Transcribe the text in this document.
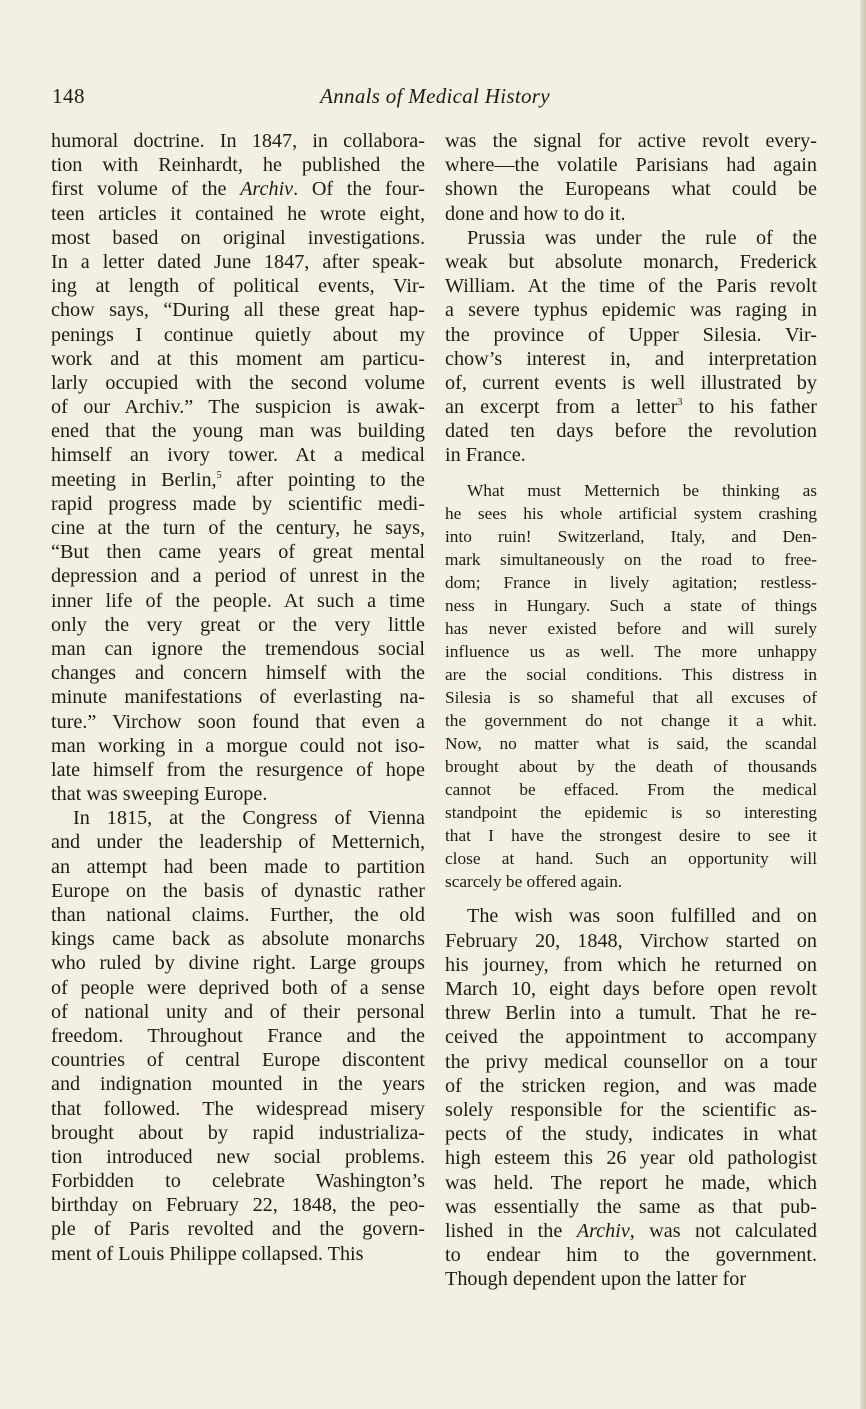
148	Annals of Medical History
humoral doctrine. In 1847, in collabora-
tion with Reinhardt, he published the
first volume of the Archiv. Of the four-
teen articles it contained he wrote eight,
most based on original investigations.
In a letter dated June 1847, after speak-
ing at length of political events, Vir-
chow says, “During all these great hap-
penings I continue quietly about my
work and at this moment am particu-
larly occupied with the second volume
of our Archiv.” The suspicion is awak-
ened that the young man was building
himself an ivory tower. At a medical
meeting in Berlin,$^5$ after pointing to the
rapid progress made by scientific medi-
cine at the turn of the century, he says,
“But then came years of great mental
depression and a period of unrest in the
inner life of the people. At such a time
only the very great or the very little
man can ignore the tremendous social
changes and concern himself with the
minute manifestations of everlasting na-
ture.” Virchow soon found that even a
man working in a morgue could not iso-
late himself from the resurgence of hope
that was sweeping Europe.
In 1815, at the Congress of Vienna
and under the leadership of Metternich,
an attempt had been made to partition
Europe on the basis of dynastic rather
than national claims. Further, the old
kings came back as absolute monarchs
who ruled by divine right. Large groups
of people were deprived both of a sense
of national unity and of their personal
freedom. Throughout France and the
countries of central Europe discontent
and indignation mounted in the years
that followed. The widespread misery
brought about by rapid industrializa-
tion introduced new social problems.
Forbidden to celebrate Washington’s
birthday on February 22, 1848, the peo-
ple of Paris revolted and the govern-
ment of Louis Philippe collapsed. This
was the signal for active revolt every-
where—the volatile Parisians had again
shown the Europeans what could be
done and how to do it.
Prussia was under the rule of the
weak but absolute monarch, Frederick
William. At the time of the Paris revolt
a severe typhus epidemic was raging in
the province of Upper Silesia. Vir-
chow’s interest in, and interpretation
of, current events is well illustrated by
an excerpt from a letter$^3$ to his father
dated ten days before the revolution
in France.
What must Metternich be thinking as
he sees his whole artificial system crashing
into ruin! Switzerland, Italy, and Den-
mark simultaneously on the road to free-
dom; France in lively agitation; restless-
ness in Hungary. Such a state of things
has never existed before and will surely
influence us as well. The more unhappy
are the social conditions. This distress in
Silesia is so shameful that all excuses of
the government do not change it a whit.
Now, no matter what is said, the scandal
brought about by the death of thousands
cannot be effaced. From the medical
standpoint the epidemic is so interesting
that I have the strongest desire to see it
close at hand. Such an opportunity will
scarcely be offered again.
The wish was soon fulfilled and on
February 20, 1848, Virchow started on
his journey, from which he returned on
March 10, eight days before open revolt
threw Berlin into a tumult. That he re-
ceived the appointment to accompany
the privy medical counsellor on a tour
of the stricken region, and was made
solely responsible for the scientific as-
pects of the study, indicates in what
high esteem this 26 year old pathologist
was held. The report he made, which
was essentially the same as that pub-
lished in the Archiv, was not calculated
to endear him to the government.
Though dependent upon the latter for
